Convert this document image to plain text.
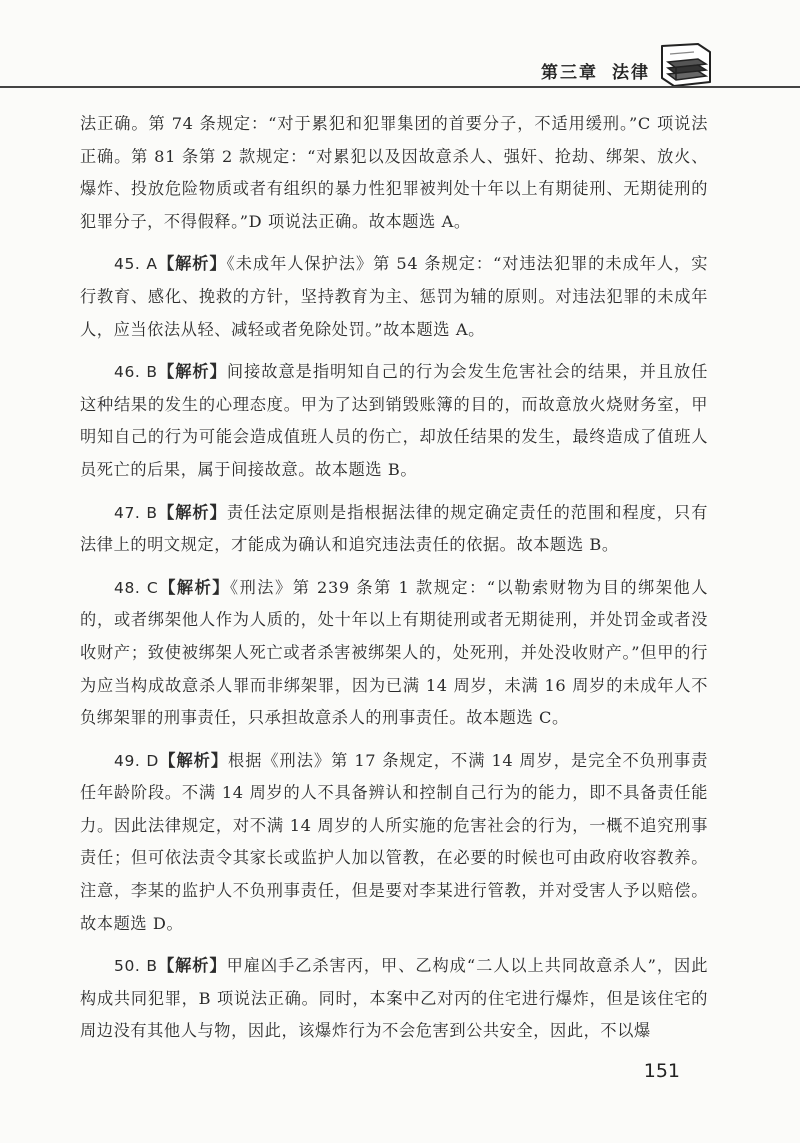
第三章 法律

法正确。第 74 条规定：“对于累犯和犯罪集团的首要分子，不适用缓刑。”C 项说法正确。第 81 条第 2 款规定：“对累犯以及因故意杀人、强奸、抢劫、绑架、放火、爆炸、投放危险物质或者有组织的暴力性犯罪被判处十年以上有期徒刑、无期徒刑的犯罪分子，不得假释。”D 项说法正确。故本题选 A。

45. A【解析】《未成年人保护法》第 54 条规定：“对违法犯罪的未成年人，实行教育、感化、挽救的方针，坚持教育为主、惩罚为辅的原则。对违法犯罪的未成年人，应当依法从轻、减轻或者免除处罚。”故本题选 A。

46. B【解析】间接故意是指明知自己的行为会发生危害社会的结果，并且放任这种结果的发生的心理态度。甲为了达到销毁账簿的目的，而故意放火烧财务室，甲明知自己的行为可能会造成值班人员的伤亡，却放任结果的发生，最终造成了值班人员死亡的后果，属于间接故意。故本题选 B。

47. B【解析】责任法定原则是指根据法律的规定确定责任的范围和程度，只有法律上的明文规定，才能成为确认和追究违法责任的依据。故本题选 B。

48. C【解析】《刑法》第 239 条第 1 款规定：“以勒索财物为目的绑架他人的，或者绑架他人作为人质的，处十年以上有期徒刑或者无期徒刑，并处罚金或者没收财产；致使被绑架人死亡或者杀害被绑架人的，处死刑，并处没收财产。”但甲的行为应当构成故意杀人罪而非绑架罪，因为已满 14 周岁，未满 16 周岁的未成年人不负绑架罪的刑事责任，只承担故意杀人的刑事责任。故本题选 C。

49. D【解析】根据《刑法》第 17 条规定，不满 14 周岁，是完全不负刑事责任年龄阶段。不满 14 周岁的人不具备辨认和控制自己行为的能力，即不具备责任能力。因此法律规定，对不满 14 周岁的人所实施的危害社会的行为，一概不追究刑事责任；但可依法责令其家长或监护人加以管教，在必要的时候也可由政府收容教养。注意，李某的监护人不负刑事责任，但是要对李某进行管教，并对受害人予以赔偿。故本题选 D。

50. B【解析】甲雇凶手乙杀害丙，甲、乙构成“二人以上共同故意杀人”，因此构成共同犯罪，B 项说法正确。同时，本案中乙对丙的住宅进行爆炸，但是该住宅的周边没有其他人与物，因此，该爆炸行为不会危害到公共安全，因此，不以爆

151
